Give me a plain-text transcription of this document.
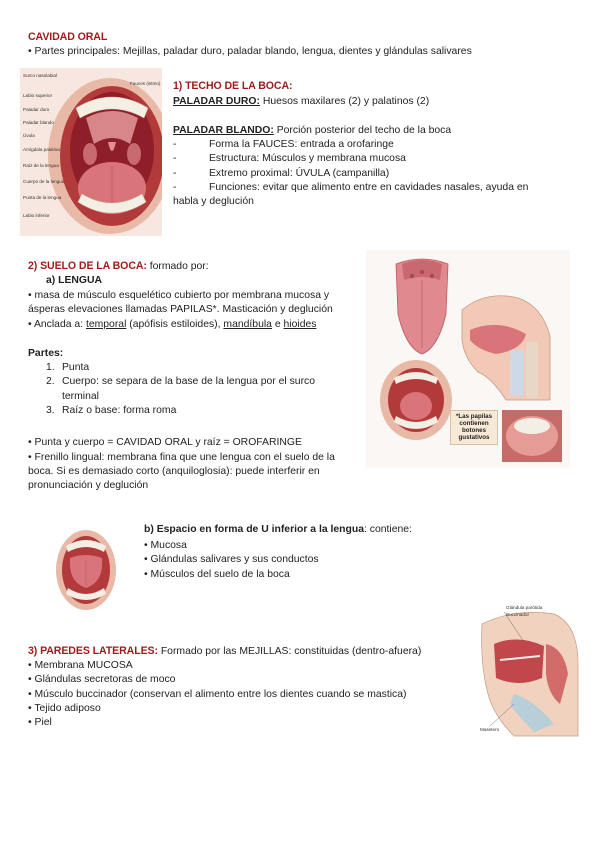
CAVIDAD ORAL
• Partes principales: Mejillas, paladar duro, paladar blando, lengua, dientes y glándulas salivares
Surco nasolabial
Labio superior
Paladar duro
Paladar blando
Úvula
Amígdala palatina
Raíz de la lengua
Cuerpo de la lengua
Punta de la lengua
Labio inferior
Fauces (istmo) 1) TECHO DE LA BOCA:
PALADAR DURO: Huesos maxilares (2) y palatinos (2)
PALADAR BLANDO: Porción posterior del techo de la boca
-	Forma la FAUCES: entrada a orofaringe
-	Estructura: Músculos y membrana mucosa
-	Extremo proximal: ÚVULA (campanilla)
-	Funciones: evitar que alimento entre en cavidades nasales, ayuda en
habla y deglución
2) SUELO DE LA BOCA: formado por:
a) LENGUA
• masa de músculo esquelético cubierto por membrana mucosa y
ásperas elevaciones llamadas PAPILAS*. Masticación y deglución
• Anclada a: temporal (apófisis estiloides), mandíbula e hioides
Partes:
1. Punta
2. Cuerpo: se separa de la base de la lengua por el surco
terminal
3. Raíz o base: forma roma
• Punta y cuerpo = CAVIDAD ORAL y raíz = OROFARINGE
• Frenillo lingual: membrana fina que une lengua con el suelo de la
boca. Si es demasiado corto (anquiloglosia): puede interferir en
pronunciación y deglución
*Las papilas contienen botones gustativos
b) Espacio en forma de U inferior a la lengua: contiene:
• Mucosa
• Glándulas salivares y sus conductos
• Músculos del suelo de la boca
3) PAREDES LATERALES: Formado por las MEJILLAS: constituidas (dentro-afuera)
• Membrana MUCOSA
• Glándulas secretoras de moco
• Músculo buccinador (conservan el alimento entre los dientes cuando se mastica)
• Tejido adiposo
• Piel
Glándula parótida
Buccinador
Masetero
